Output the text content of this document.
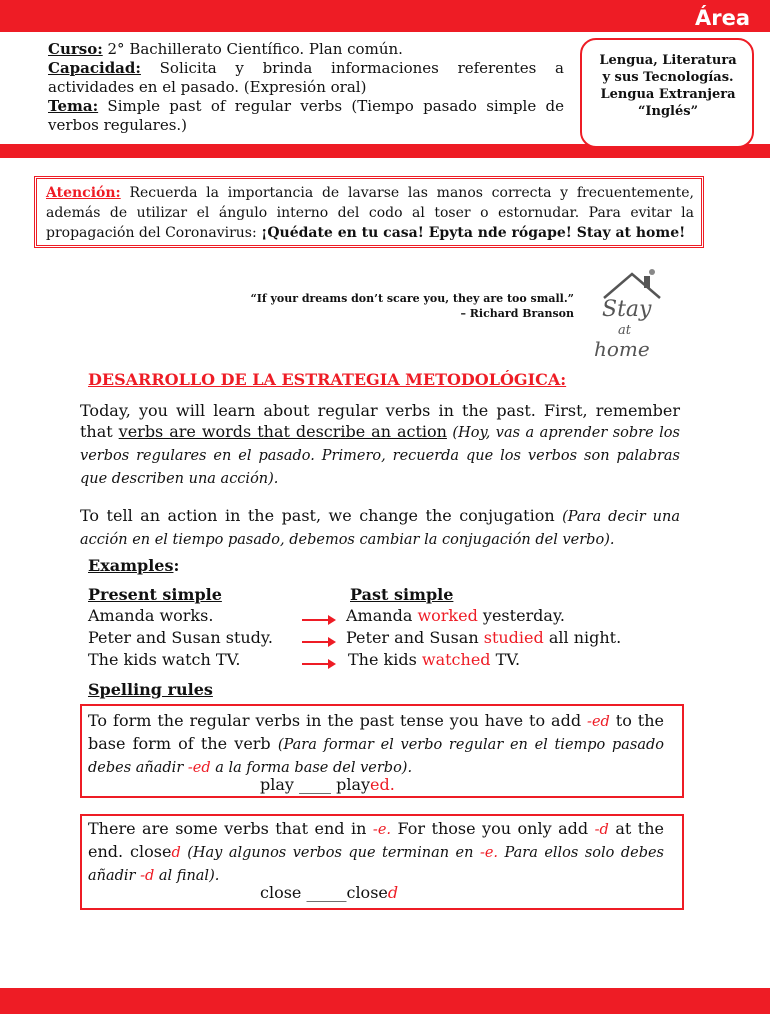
Curso: 2° Bachillerato Científico. Plan común.
Capacidad: Solicita y brinda informaciones referentes a actividades en el pasado. (Expresión oral)
Tema: Simple past of regular verbs (Tiempo pasado simple de verbos regulares.)
Área
Lengua, Literatura
y sus Tecnologías.
Lengua Extranjera
“Inglés”
Atención: Recuerda la importancia de lavarse las manos correcta y frecuentemente, además de utilizar el ángulo interno del codo al toser o estornudar. Para evitar la propagación del Coronavirus: ¡Quédate en tu casa! Epyta nde rógape! Stay at home!
“If your dreams don’t scare you, they are too small.”
– Richard Branson Stay
at
home
DESARROLLO DE LA ESTRATEGIA METODOLÓGICA:
Today, you will learn about regular verbs in the past. First, remember that verbs are words that describe an action (Hoy, vas a aprender sobre los verbos regulares en el pasado. Primero, recuerda que los verbos son palabras que describen una acción).
To tell an action in the past, we change the conjugation (Para decir una acción en el tiempo pasado, debemos cambiar la conjugación del verbo).
Examples:
Present simple	Past simple
Amanda works.
Peter and Susan study.
The kids watch TV.
Amanda worked yesterday.
Peter and Susan studied all night.
The kids watched TV.
Spelling rules
To form the regular verbs in the past tense you have to add -ed to the base form of the verb (Para formar el verbo regular en el tiempo pasado debes añadir -ed a la forma base del verbo).
play ____ played.
There are some verbs that end in -e. For those you only add -d at the end. closed (Hay algunos verbos que terminan en -e. Para ellos solo debes añadir -d al final).
close _____closed
